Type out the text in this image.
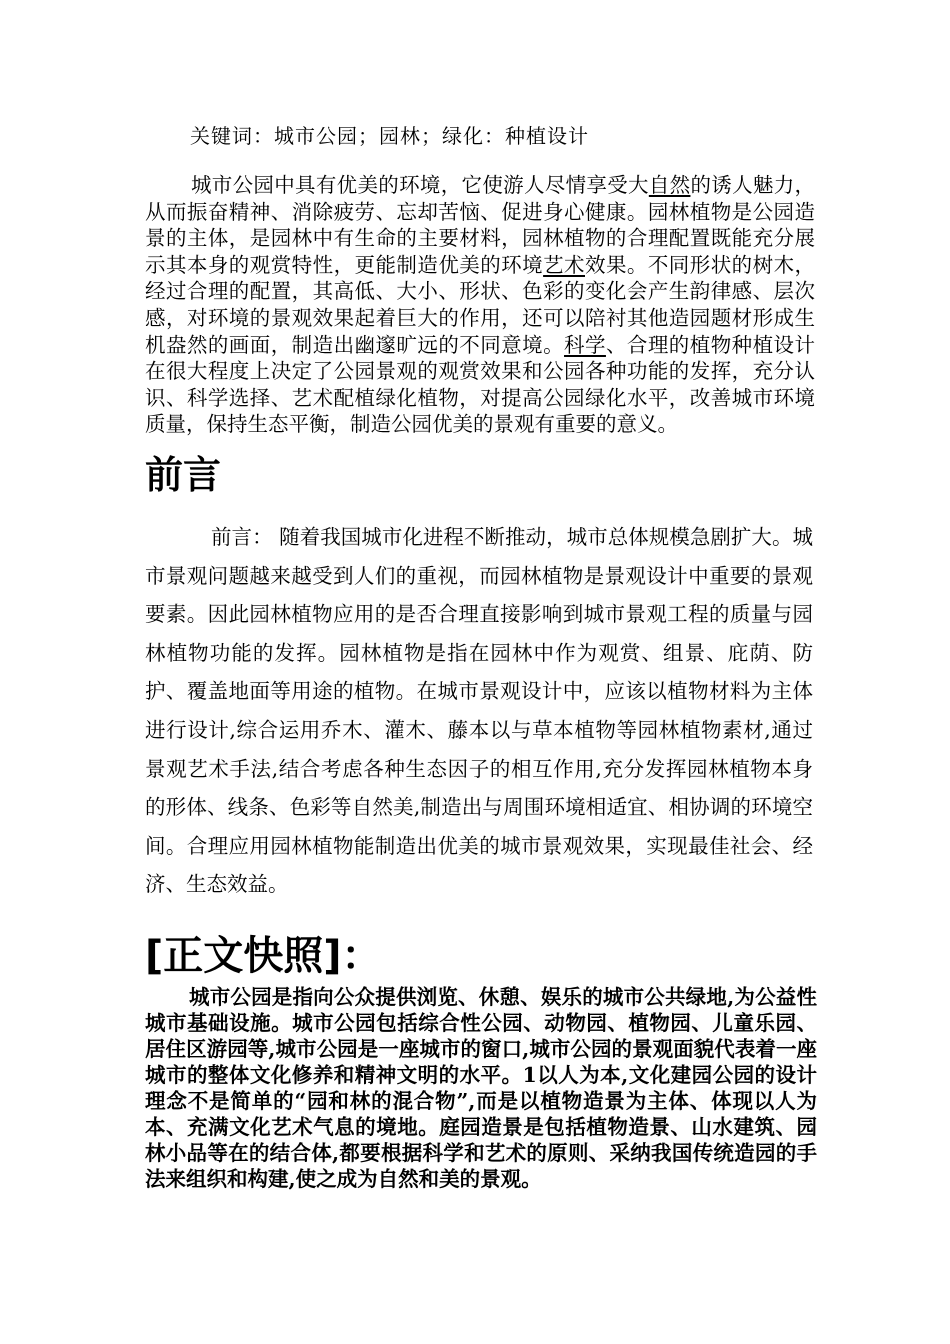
关键词：城市公园；园林；绿化：种植设计

城市公园中具有优美的环境，它使游人尽情享受大自然的诱人魅力，从而振奋精神、消除疲劳、忘却苦恼、促进身心健康。园林植物是公园造景的主体，是园林中有生命的主要材料，园林植物的合理配置既能充分展示其本身的观赏特性，更能制造优美的环境艺术效果。不同形状的树木，经过合理的配置，其高低、大小、形状、色彩的变化会产生韵律感、层次感，对环境的景观效果起着巨大的作用，还可以陪衬其他造园题材形成生机盎然的画面，制造出幽邃旷远的不同意境。科学、合理的植物种植设计在很大程度上决定了公园景观的观赏效果和公园各种功能的发挥，充分认识、科学选择、艺术配植绿化植物，对提高公园绿化水平，改善城市环境质量，保持生态平衡，制造公园优美的景观有重要的意义。

前言

前言： 随着我国城市化进程不断推动，城市总体规模急剧扩大。城市景观问题越来越受到人们的重视，而园林植物是景观设计中重要的景观要素。因此园林植物应用的是否合理直接影响到城市景观工程的质量与园林植物功能的发挥。园林植物是指在园林中作为观赏、组景、庇荫、防护、覆盖地面等用途的植物。在城市景观设计中，应该以植物材料为主体进行设计,综合运用乔木、灌木、藤本以与草本植物等园林植物素材,通过景观艺术手法,结合考虑各种生态因子的相互作用,充分发挥园林植物本身的形体、线条、色彩等自然美,制造出与周围环境相适宜、相协调的环境空间。合理应用园林植物能制造出优美的城市景观效果，实现最佳社会、经济、生态效益。

[正文快照]：

城市公园是指向公众提供浏览、休憩、娱乐的城市公共绿地,为公益性城市基础设施。城市公园包括综合性公园、动物园、植物园、儿童乐园、居住区游园等,城市公园是一座城市的窗口,城市公园的景观面貌代表着一座城市的整体文化修养和精神文明的水平。1以人为本,文化建园公园的设计理念不是简单的“园和林的混合物”,而是以植物造景为主体、体现以人为本、充满文化艺术气息的境地。庭园造景是包括植物造景、山水建筑、园林小品等在的结合体,都要根据科学和艺术的原则、采纳我国传统造园的手法来组织和构建,使之成为自然和美的景观。
